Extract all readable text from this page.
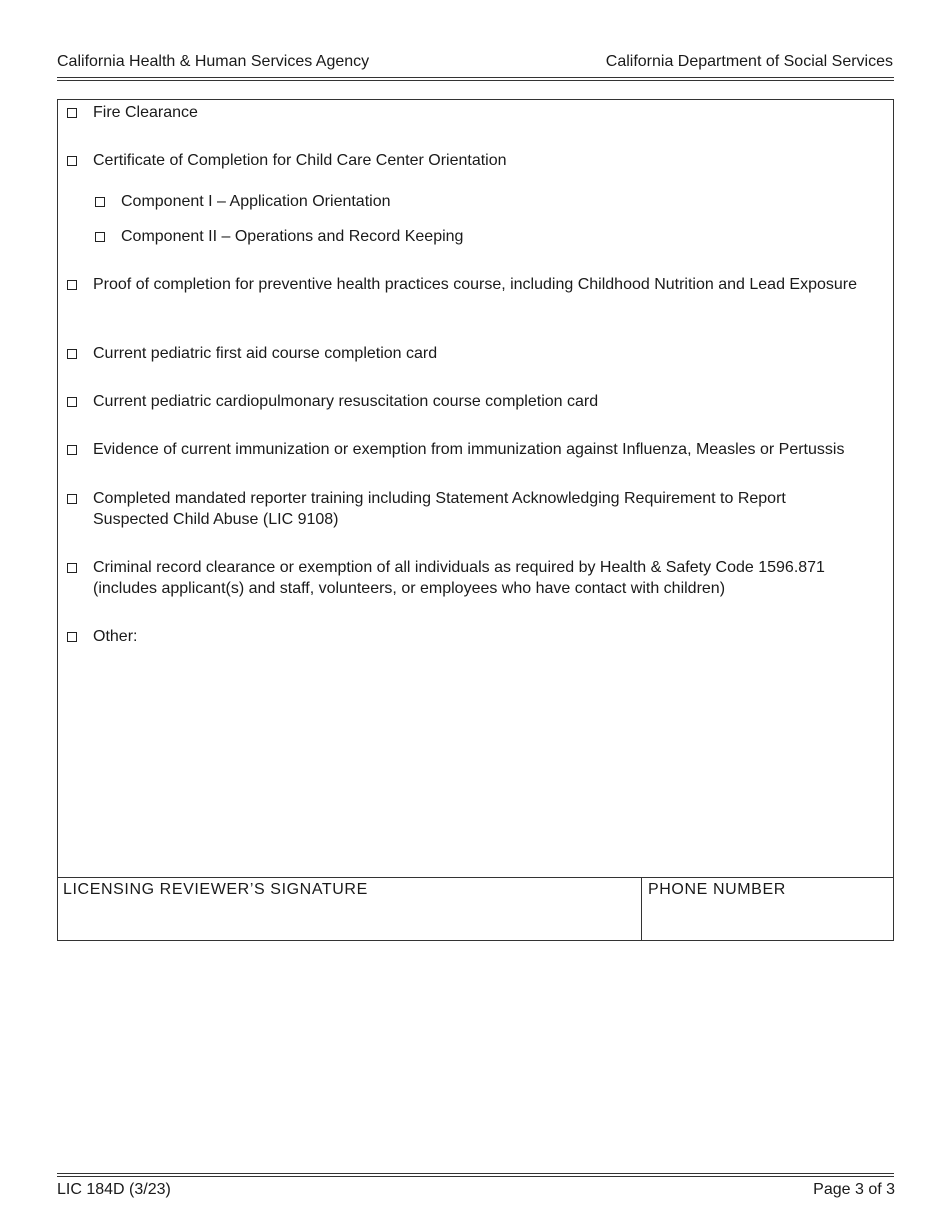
California Health & Human Services Agency	California Department of Social Services
Fire Clearance
Certificate of Completion for Child Care Center Orientation
Component I – Application Orientation
Component II – Operations and Record Keeping
Proof of completion for preventive health practices course, including Childhood Nutrition and Lead Exposure
Current pediatric first aid course completion card
Current pediatric cardiopulmonary resuscitation course completion card
Evidence of current immunization or exemption from immunization against Influenza, Measles or Pertussis
Completed mandated reporter training including Statement Acknowledging Requirement to Report Suspected Child Abuse (LIC 9108)
Criminal record clearance or exemption of all individuals as required by Health & Safety Code 1596.871 (includes applicant(s) and staff, volunteers, or employees who have contact with children)
Other:
LICENSING REVIEWER’S SIGNATURE	PHONE NUMBER
LIC 184D (3/23)	Page 3 of 3
